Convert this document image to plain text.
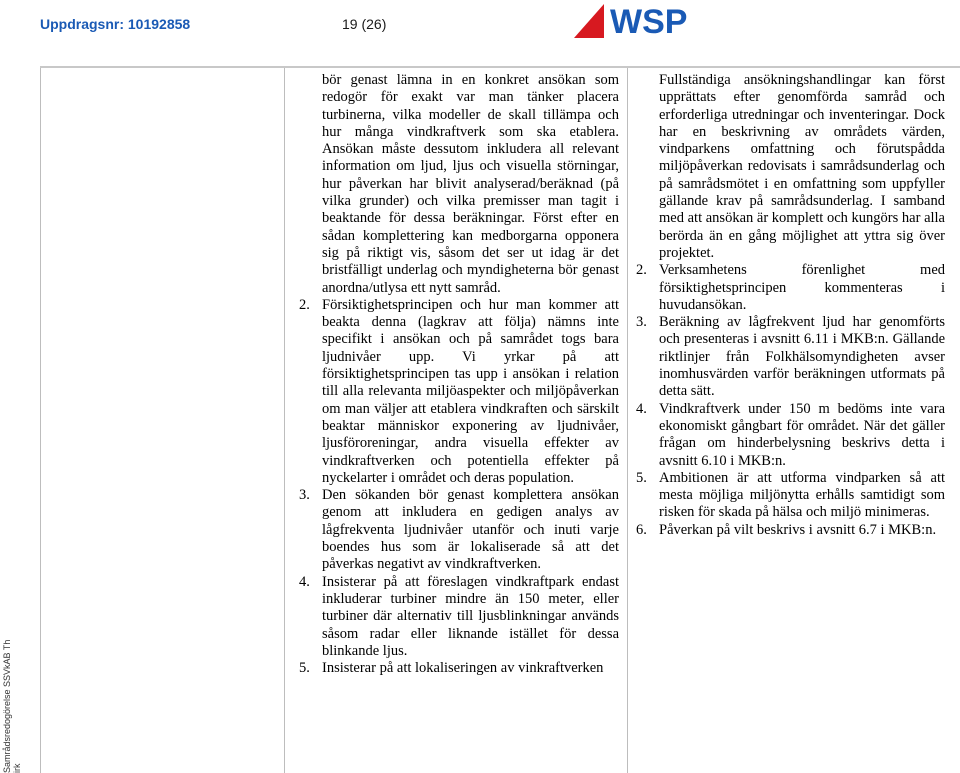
Uppdragsnr: 10192858	19 (26)	WSP
Samrådsredogörelse SSVkAB Th irk

bör genast lämna in en konkret ansökan som redogör för exakt var man tänker placera turbinerna, vilka modeller de skall tillämpa och hur många vindkraftverk som ska etablera. Ansökan måste dessutom inkludera all relevant information om ljud, ljus och visuella störningar, hur påverkan har blivit analyserad/beräknad (på vilka grunder) och vilka premisser man tagit i beaktande för dessa beräkningar. Först efter en sådan komplettering kan medborgarna opponera sig på riktigt vis, såsom det ser ut idag är det bristfälligt underlag och myndigheterna bör genast anordna/utlysa ett nytt samråd.

2. Försiktighetsprincipen och hur man kommer att beakta denna (lagkrav att följa) nämns inte specifikt i ansökan och på samrådet togs bara ljudnivåer upp. Vi yrkar på att försiktighetsprincipen tas upp i ansökan i relation till alla relevanta miljöaspekter och miljöpåverkan om man väljer att etablera vindkraften och särskilt beaktar människor exponering av ljudnivåer, ljusföroreningar, andra visuella effekter av vindkraftverken och potentiella effekter på nyckelarter i området och deras population.
3. Den sökanden bör genast komplettera ansökan genom att inkludera en gedigen analys av lågfrekventa ljudnivåer utanför och inuti varje boendes hus som är lokaliserade så att det påverkas negativt av vindkraftverken.
4. Insisterar på att föreslagen vindkraftpark endast inkluderar turbiner mindre än 150 meter, eller turbiner där alternativ till ljusblinkningar används såsom radar eller liknande istället för dessa blinkande ljus.
5. Insisterar på att lokaliseringen av vinkraftverken

Fullständiga ansökningshandlingar kan först upprättats efter genomförda samråd och erforderliga utredningar och inventeringar. Dock har en beskrivning av områdets värden, vindparkens omfattning och förutspådda miljöpåverkan redovisats i samrådsunderlag och på samrådsmötet i en omfattning som uppfyller gällande krav på samrådsunderlag. I samband med att ansökan är komplett och kungörs har alla berörda än en gång möjlighet att yttra sig över projektet.

2. Verksamhetens förenlighet med försiktighetsprincipen kommenteras i huvudansökan.
3. Beräkning av lågfrekvent ljud har genomförts och presenteras i avsnitt 6.11 i MKB:n. Gällande riktlinjer från Folkhälsomyndigheten avser inomhusvärden varför beräkningen utformats på detta sätt.
4. Vindkraftverk under 150 m bedöms inte vara ekonomiskt gångbart för området. När det gäller frågan om hinderbelysning beskrivs detta i avsnitt 6.10 i MKB:n.
5. Ambitionen är att utforma vindparken så att mesta möjliga miljönytta erhålls samtidigt som risken för skada på hälsa och miljö minimeras.
6. Påverkan på vilt beskrivs i avsnitt 6.7 i MKB:n.
